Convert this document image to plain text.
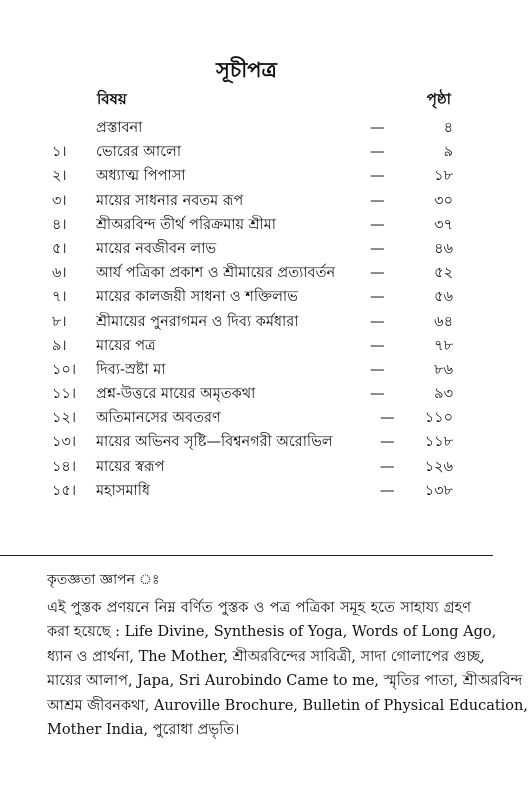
সূচীপত্র
বিষয়	পৃষ্ঠা
প্রস্তাবনা	—	৪
১। ভোরের আলো	—	৯
২। অধ্যাত্ম পিপাসা	—	১৮
৩। মায়ের সাধনার নবতম রূপ	—	৩০
৪। শ্রীঅরবিন্দ তীর্থ পরিক্রমায় শ্রীমা	—	৩৭
৫। মায়ের নবজীবন লাভ	—	৪৬
৬। আর্য পত্রিকা প্রকাশ ও শ্রীমায়ের প্রত্যাবর্তন —	৫২
৭। মায়ের কালজয়ী সাধনা ও শক্তিলাভ	—	৫৬
৮। শ্রীমায়ের পুনরাগমন ও দিব্য কর্মধারা	—	৬৪
৯। মায়ের পত্র	—	৭৮
১০। দিব্য-স্রষ্টা মা	—	৮৬
১১। প্রশ্ন-উত্তরে মায়ের অমৃতকথা	—	৯৩
১২। অতিমানসের অবতরণ	— ১১০
১৩। মায়ের অভিনব সৃষ্টি—বিশ্বনগরী অরোভিল	— ১১৮
১৪। মায়ের স্বরূপ	— ১২৬
১৫। মহাসমাধি	— ১৩৮
কৃতজ্ঞতা জ্ঞাপন ঃ
এই পুস্তক প্রণয়নে নিম্ন বর্ণিত পুস্তক ও পত্র পত্রিকা সমূহ হতে সাহায্য গ্রহণ
করা হয়েছে : Life Divine, Synthesis of Yoga, Words of Long Ago,
ধ্যান ও প্রার্থনা, The Mother, শ্রীঅরবিন্দের সাবিত্রী, সাদা গোলাপের গুচ্ছ,
মায়ের আলাপ, Japa, Sri Aurobindo Came to me, স্মৃতির পাতা, শ্রীঅরবিন্দ
আশ্রম জীবনকথা, Auroville Brochure, Bulletin of Physical Education,
Mother India, পুরোধা প্রভৃতি।
